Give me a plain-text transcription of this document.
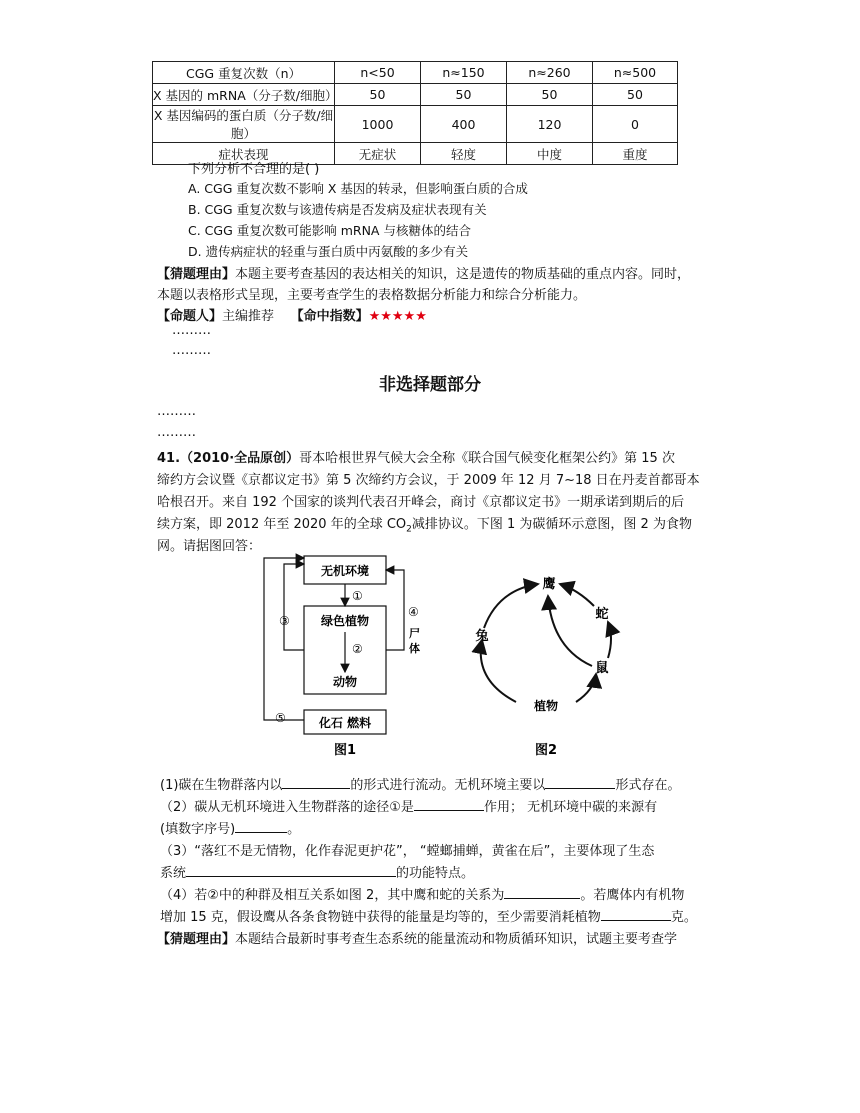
CGG 重复次数（n）	n<50	n≈150	n≈260	n≈500
X 基因的 mRNA（分子数/细胞）	50	50	50	50
X 基因编码的蛋白质（分子数/细胞）	1000	400	120	0
症状表现	无症状	轻度	中度	重度
下列分析不合理的是( )
A. CGG 重复次数不影响 X 基因的转录，但影响蛋白质的合成
B. CGG 重复次数与该遗传病是否发病及症状表现有关
C. CGG 重复次数可能影响 mRNA 与核糖体的结合
D. 遗传病症状的轻重与蛋白质中丙氨酸的多少有关
【猜题理由】本题主要考查基因的表达相关的知识，这是遗传的物质基础的重点内容。同时，
本题以表格形式呈现，主要考查学生的表格数据分析能力和综合分析能力。
【命题人】主编推荐 【命中指数】★★★★★
………
………
非选择题部分
………
………
41.（2010·全品原创）哥本哈根世界气候大会全称《联合国气候变化框架公约》第 15 次
缔约方会议暨《京都议定书》第 5 次缔约方会议，于 2009 年 12 月 7~18 日在丹麦首都哥本
哈根召开。来自 192 个国家的谈判代表召开峰会，商讨《京都议定书》一期承诺到期后的后
续方案，即 2012 年至 2020 年的全球 $CO_2$减排协议。下图 1 为碳循环示意图，图 2 为食物
网。请据图回答：
无机环境
绿色植物
动物
化石 燃料
①
②
③
⑤
④
尸
体
图1
鹰
蛇
鼠
兔
植物
图2
(1)碳在生物群落内以	的形式进行流动。无机环境主要以	形式存在。
（2）碳从无机环境进入生物群落的途径①是	作用； 无机环境中碳的来源有
(填数字序号)	。
（3）“落红不是无情物，化作春泥更护花”， “螳螂捕蝉，黄雀在后”，主要体现了生态
系统	的功能特点。
（4）若②中的种群及相互关系如图 2，其中鹰和蛇的关系为	。若鹰体内有机物
增加 15 克，假设鹰从各条食物链中获得的能量是均等的，至少需要消耗植物	克。
【猜题理由】本题结合最新时事考查生态系统的能量流动和物质循环知识，试题主要考查学
